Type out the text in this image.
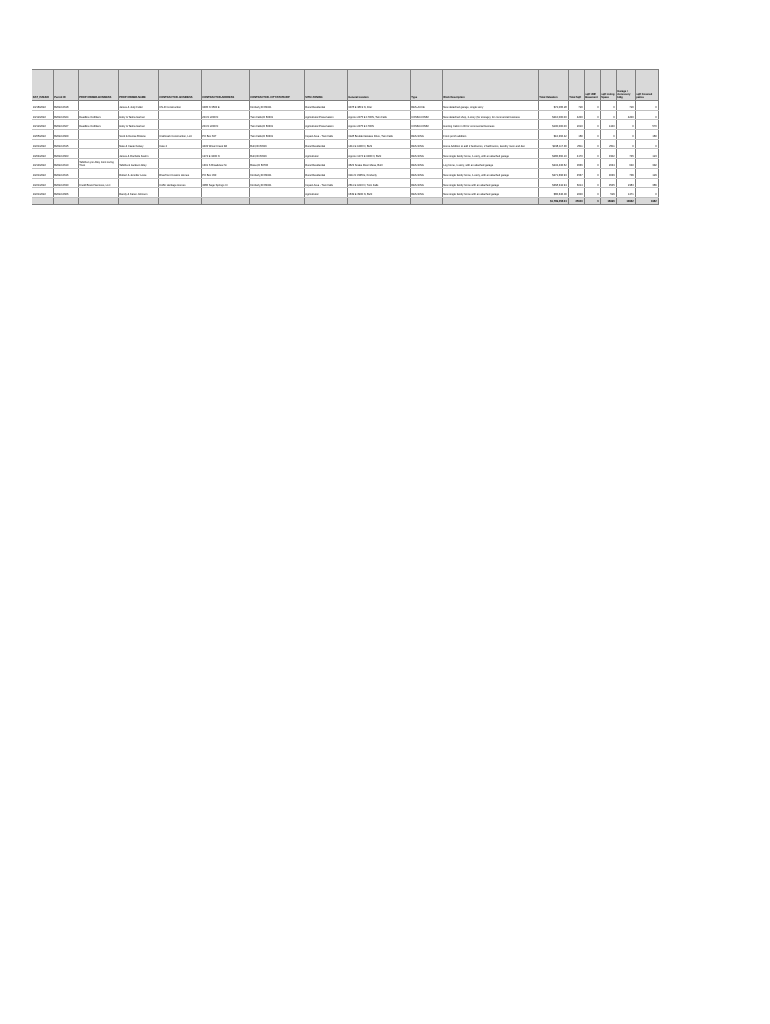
DAT_ISSUED	Permit ID	PROP OWNER-BUSINESS	PROP OWNER-NAME	CONTRACTOR- BUSINESS	CONTRACTOR-ADDRESS	CONTRACTOR- CITY/STATE/ZIP	SITE/ ZONING	General location	Type	Work Description	Total Valuation	Total Sqft	sqft UNF Basement	sqft Living Space	Garage / Accessory bldg	sqft Covered patios
10/18/2022	B2022-0618		James & Judy Fuller	CN-R Construction	3495 N 3500 E	Kimberly,ID 83341	Rural Residential	3478 E 3819 N, Filer	RES-ACCE	New detached garage, single story	$72,095.28	720	0	0	720	0
10/12/2022	B2022-0624	Deadline Outfitters	Hoby & Tasha Gartner		204 N 2200 N	Twin Falls,ID 83301	Agricultural Preservation	Approx 2475 E 1700N, Twin Falls	COMM-COMM	New detached shop, 2-story (for storage), for commercial business	$210,000.00	4200	0	0	4200	0
10/12/2022	B2022-0627	Deadline Outfitters	Hoby & Tasha Gartner		204 N 2200 N	Twin Falls,ID 83301	Agricultural Preservation	Approx 2475 E 1700N	COMM-COMM	Hunting Cabin in lift for commercial business	$100,000.00	2010	0	1440	0	570
10/05/2022	B2022-0609		Scott & Denise Bristow	Craftmark Construction, LLC	PO Box 637	Twin Falls,ID 83301	Impact Area - Twin Falls	3128 Boulder Estates Drive, Twin Falls	RES-SING	Front porch addition	$10,366.42	180	0	0	0	180
10/21/2022	B2022-0615		Nate & Caete Kelsey	Cate 4	4433 Wrsal Creek Rd	Buhl,ID 83316	Rural Residential	1411 E 4400 N, Buhl	RES-SING	Home Addition to add 2 bedrooms, 2 bathrooms, laundry room and den	$198,117.90	2511	0	2511	0	0
10/04/2022	B2022-0603		James & Rochelle Keehn		1274 E 3400 N	Buhl,ID 83316	Agricultural	Approx 1274 E 3400 N, Buhl	RES-SING	New single family home, 1-story, with an attached garage	$286,660.10	4170	0	3302	745	123
10/13/2022	B2022-0610	Tabitha Lynn Alley Joint Living Trust	Tabitha & Jackson Alley		1301 S Broadview St	Boise,ID 83706	Rural Residential	4523 Snake River Mesa, Buhl	RES-SING	Log home, 1-story, with an attached garage	$234,436.52	3666	0	2634	640	392
10/21/2022	B2022-0616		Robert & Jennifer Lowe	Riverfront Custom Homes	PO Box 333	Kimberly,ID 83341	Rural Residential	3111 N 3395 E, Kimberly	RES-SING	New single family home, 1-story, with an attached garage	$271,696.93	4567	0	3039	799	129
10/21/2022	B2022-0630	Knold Brand Services, LLC		Coffin Heritage Homes	4086 Sage Springs Cr	Kimberly,ID 83341	Impact Area - Twin Falls	2511 E 4216 N, Twin Falls	RES-SING	New single family home with an attached garage	$368,342.94	6014	0	3545	2383	386
10/21/2022	B2022-0606		Randy & Karen Johnson				Agricultural	1549 E 3900 N, Buhl	RES-SING	New single family home with an attached garage	$86,646.00	2000	0	529	1471	0
											$1,789,458.04	25040	0	16996	10962	1982
